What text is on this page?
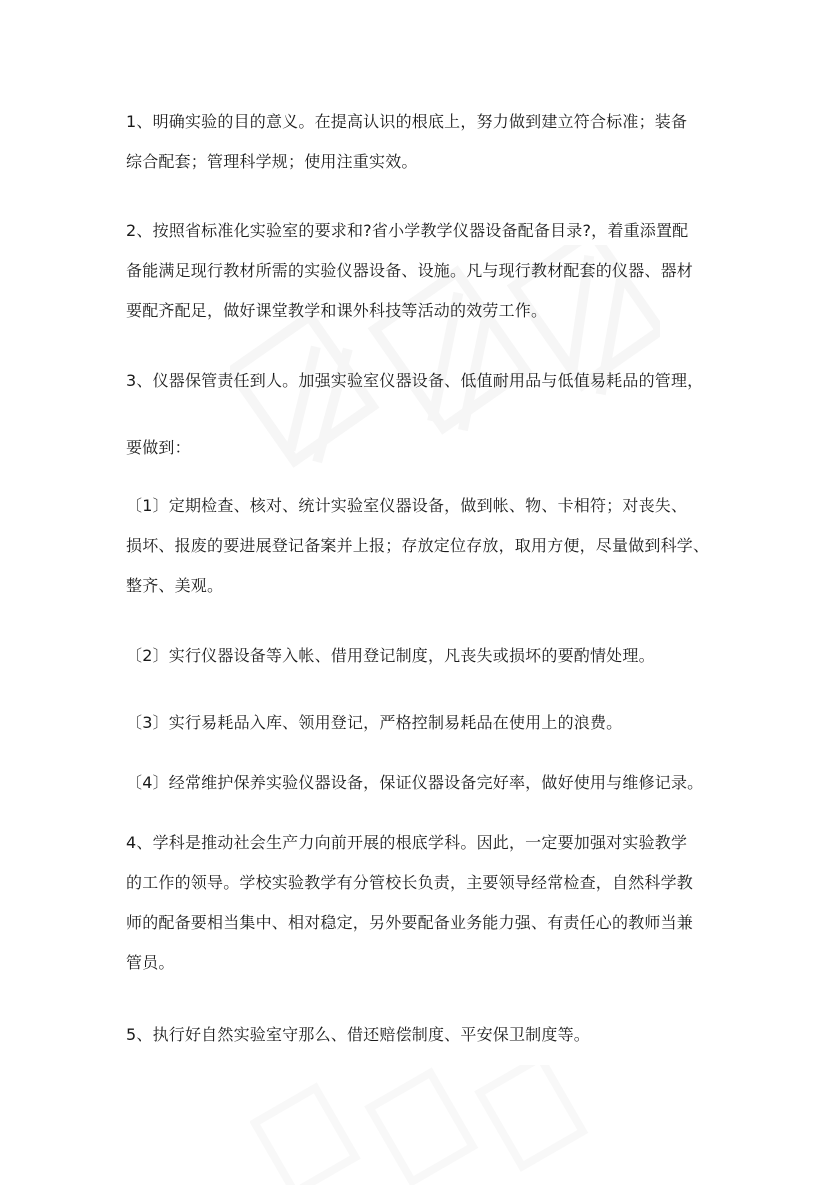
1、明确实验的目的意义。在提高认识的根底上，努力做到建立符合标准；装备
综合配套；管理科学规；使用注重实效。
2、按照省标准化实验室的要求和?省小学教学仪器设备配备目录?，着重添置配
备能满足现行教材所需的实验仪器设备、设施。凡与现行教材配套的仪器、器材
要配齐配足，做好课堂教学和课外科技等活动的效劳工作。
3、仪器保管责任到人。加强实验室仪器设备、低值耐用品与低值易耗品的管理，
要做到：
〔1〕定期检查、核对、统计实验室仪器设备，做到帐、物、卡相符；对丧失、
损坏、报废的要进展登记备案并上报；存放定位存放，取用方便，尽量做到科学、
整齐、美观。
〔2〕实行仪器设备等入帐、借用登记制度，凡丧失或损坏的要酌情处理。
〔3〕实行易耗品入库、领用登记，严格控制易耗品在使用上的浪费。
〔4〕经常维护保养实验仪器设备，保证仪器设备完好率，做好使用与维修记录。
4、学科是推动社会生产力向前开展的根底学科。因此，一定要加强对实验教学
的工作的领导。学校实验教学有分管校长负责，主要领导经常检查，自然科学教
师的配备要相当集中、相对稳定，另外要配备业务能力强、有责任心的教师当兼
管员。
5、执行好自然实验室守那么、借还赔偿制度、平安保卫制度等。
